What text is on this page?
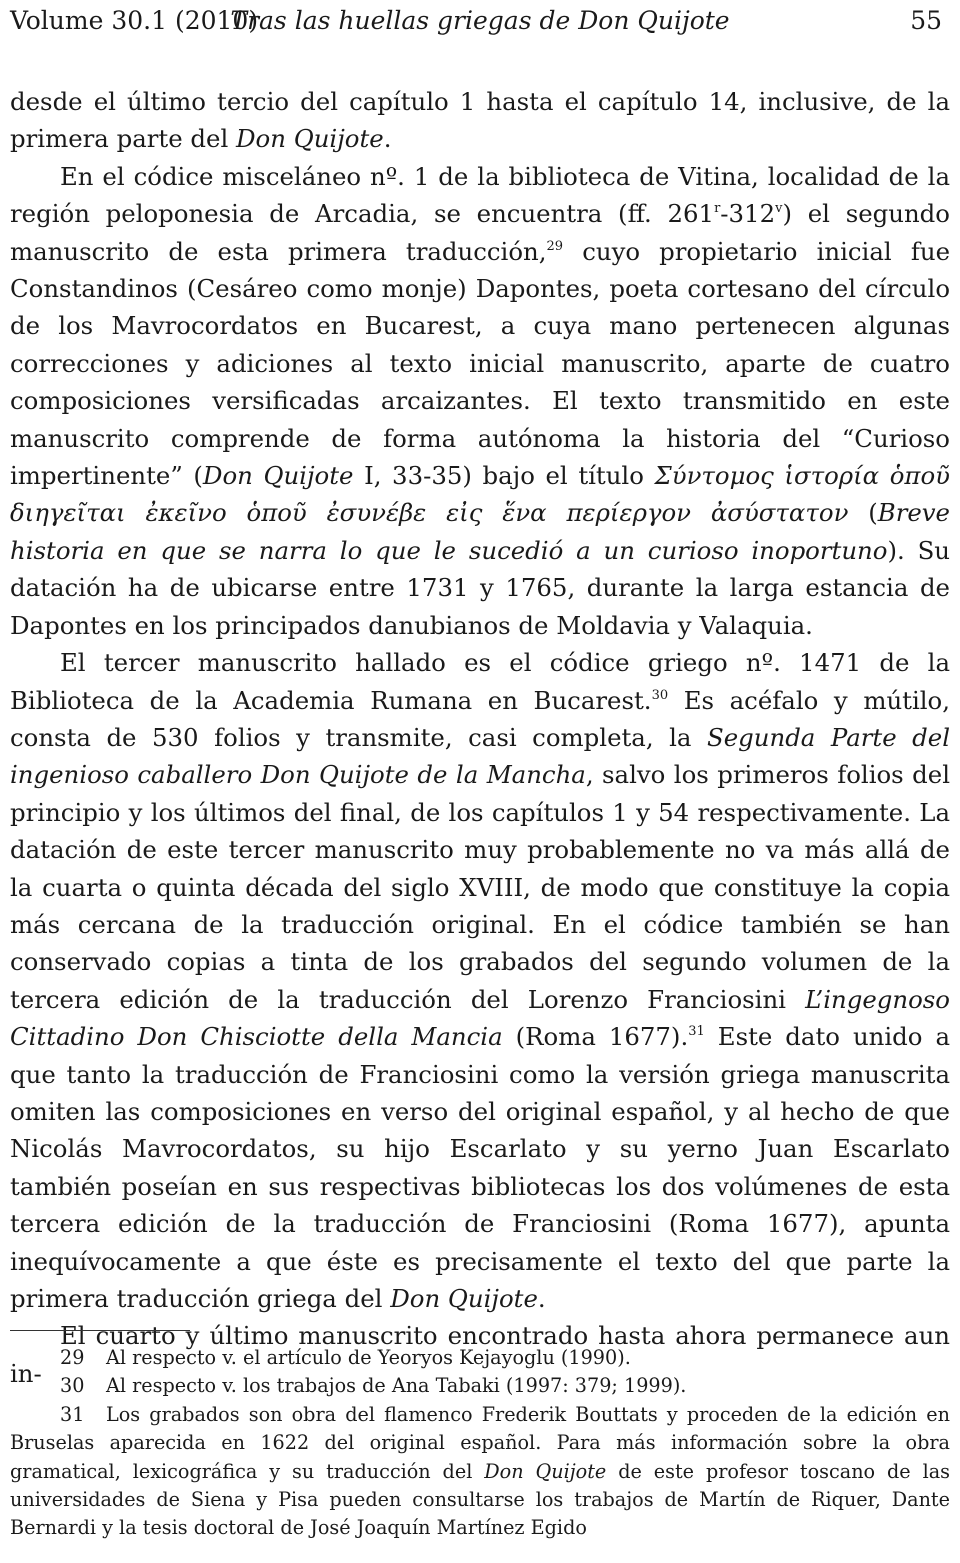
Volume 30.1 (2010)
Tras las huellas griegas de Don Quijote	55

desde el último tercio del capítulo 1 hasta el capítulo 14, inclusive, de la primera parte del Don Quijote.

En el códice misceláneo nº. 1 de la biblioteca de Vitina, localidad de la región peloponesia de Arcadia, se encuentra (ff. 261$^r$-312$^v$) el segundo manuscrito de esta primera traducción,$^{29}$ cuyo propietario inicial fue Constandinos (Cesáreo como monje) Dapontes, poeta cortesano del círculo de los Mavrocordatos en Bucarest, a cuya mano pertenecen algunas correcciones y adiciones al texto inicial manuscrito, aparte de cuatro composiciones versificadas arcaizantes. El texto transmitido en este manuscrito comprende de forma autónoma la historia del “Curioso impertinente” (Don Quijote I, 33-35) bajo el título Σύντομος ἱστορία ὁποῦ διηγεῖται ἐκεῖνο ὁποῦ ἐσυνέβε εἰς ἕνα περίεργον ἀσύστατον (Breve historia en que se narra lo que le sucedió a un curioso inoportuno). Su datación ha de ubicarse entre 1731 y 1765, durante la larga estancia de Dapontes en los principados danubianos de Moldavia y Valaquia.

El tercer manuscrito hallado es el códice griego nº. 1471 de la Biblioteca de la Academia Rumana en Bucarest.$^{30}$ Es acéfalo y mútilo, consta de 530 folios y transmite, casi completa, la Segunda Parte del ingenioso caballero Don Quijote de la Mancha, salvo los primeros folios del principio y los últimos del final, de los capítulos 1 y 54 respectivamente. La datación de este tercer manuscrito muy probablemente no va más allá de la cuarta o quinta década del siglo XVIII, de modo que constituye la copia más cercana de la traducción original. En el códice también se han conservado copias a tinta de los grabados del segundo volumen de la tercera edición de la traducción del Lorenzo Franciosini L’ingegnoso Cittadino Don Chisciotte della Mancia (Roma 1677).$^{31}$ Este dato unido a que tanto la traducción de Franciosini como la versión griega manuscrita omiten las composiciones en verso del original español, y al hecho de que Nicolás Mavrocordatos, su hijo Escarlato y su yerno Juan Escarlato también poseían en sus respectivas bibliotecas los dos volúmenes de esta tercera edición de la traducción de Franciosini (Roma 1677), apunta inequívocamente a que éste es precisamente el texto del que parte la primera traducción griega del Don Quijote.

El cuarto y último manuscrito encontrado hasta ahora permanece aun in-

29 Al respecto v. el artículo de Yeoryos Kejayoglu (1990).

30 Al respecto v. los trabajos de Ana Tabaki (1997: 379; 1999).

31 Los grabados son obra del flamenco Frederik Bouttats y proceden de la edición en Bruselas aparecida en 1622 del original español. Para más información sobre la obra gramatical, lexicográfica y su traducción del Don Quijote de este profesor toscano de las universidades de Siena y Pisa pueden consultarse los trabajos de Martín de Riquer, Dante Bernardi y la tesis doctoral de José Joaquín Martínez Egido
